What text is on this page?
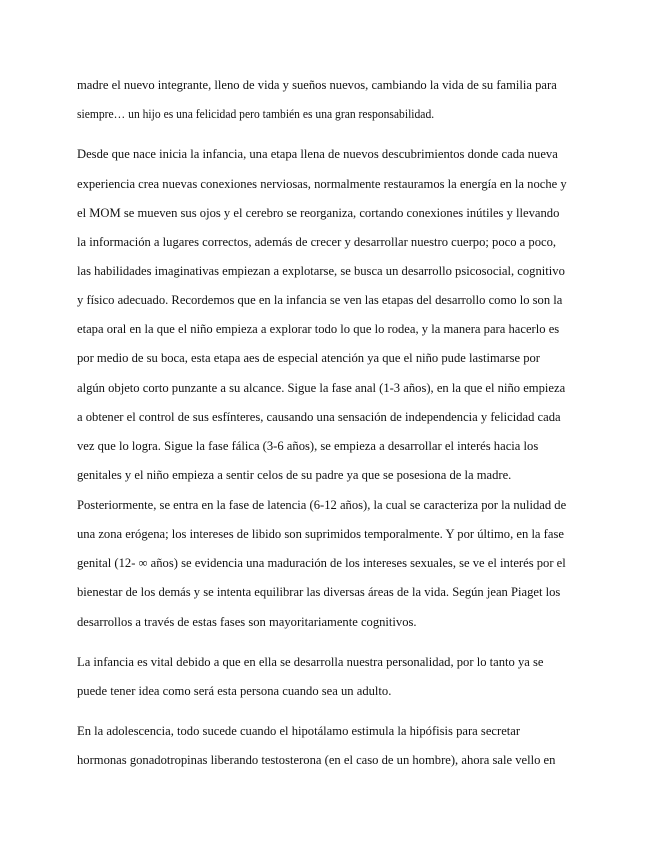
madre el nuevo integrante, lleno de vida y sueños nuevos, cambiando la vida de su familia para
siempre… un hijo es una felicidad pero también es una gran responsabilidad.
Desde que nace inicia la infancia, una etapa llena de nuevos descubrimientos donde cada nueva
experiencia crea nuevas conexiones nerviosas, normalmente restauramos la energía en la noche y
el MOM se mueven sus ojos y el cerebro se reorganiza, cortando conexiones inútiles y llevando
la información a lugares correctos, además de crecer y desarrollar nuestro cuerpo; poco a poco,
las habilidades imaginativas empiezan a explotarse, se busca un desarrollo psicosocial, cognitivo
y físico adecuado. Recordemos que en la infancia se ven las etapas del desarrollo como lo son la
etapa oral en la que el niño empieza a explorar todo lo que lo rodea, y la manera para hacerlo es
por medio de su boca, esta etapa aes de especial atención ya que el niño pude lastimarse por
algún objeto corto punzante a su alcance. Sigue la fase anal (1-3 años), en la que el niño empieza
a obtener el control de sus esfínteres, causando una sensación de independencia y felicidad cada
vez que lo logra. Sigue la fase fálica (3-6 años), se empieza a desarrollar el interés hacia los
genitales y el niño empieza a sentir celos de su padre ya que se posesiona de la madre.
Posteriormente, se entra en la fase de latencia (6-12 años), la cual se caracteriza por la nulidad de
una zona erógena; los intereses de libido son suprimidos temporalmente. Y por último, en la fase
genital (12- ∞ años) se evidencia una maduración de los intereses sexuales, se ve el interés por el
bienestar de los demás y se intenta equilibrar las diversas áreas de la vida. Según jean Piaget los
desarrollos a través de estas fases son mayoritariamente cognitivos.
La infancia es vital debido a que en ella se desarrolla nuestra personalidad, por lo tanto ya se
puede tener idea como será esta persona cuando sea un adulto.
En la adolescencia, todo sucede cuando el hipotálamo estimula la hipófisis para secretar
hormonas gonadotropinas liberando testosterona (en el caso de un hombre), ahora sale vello en
